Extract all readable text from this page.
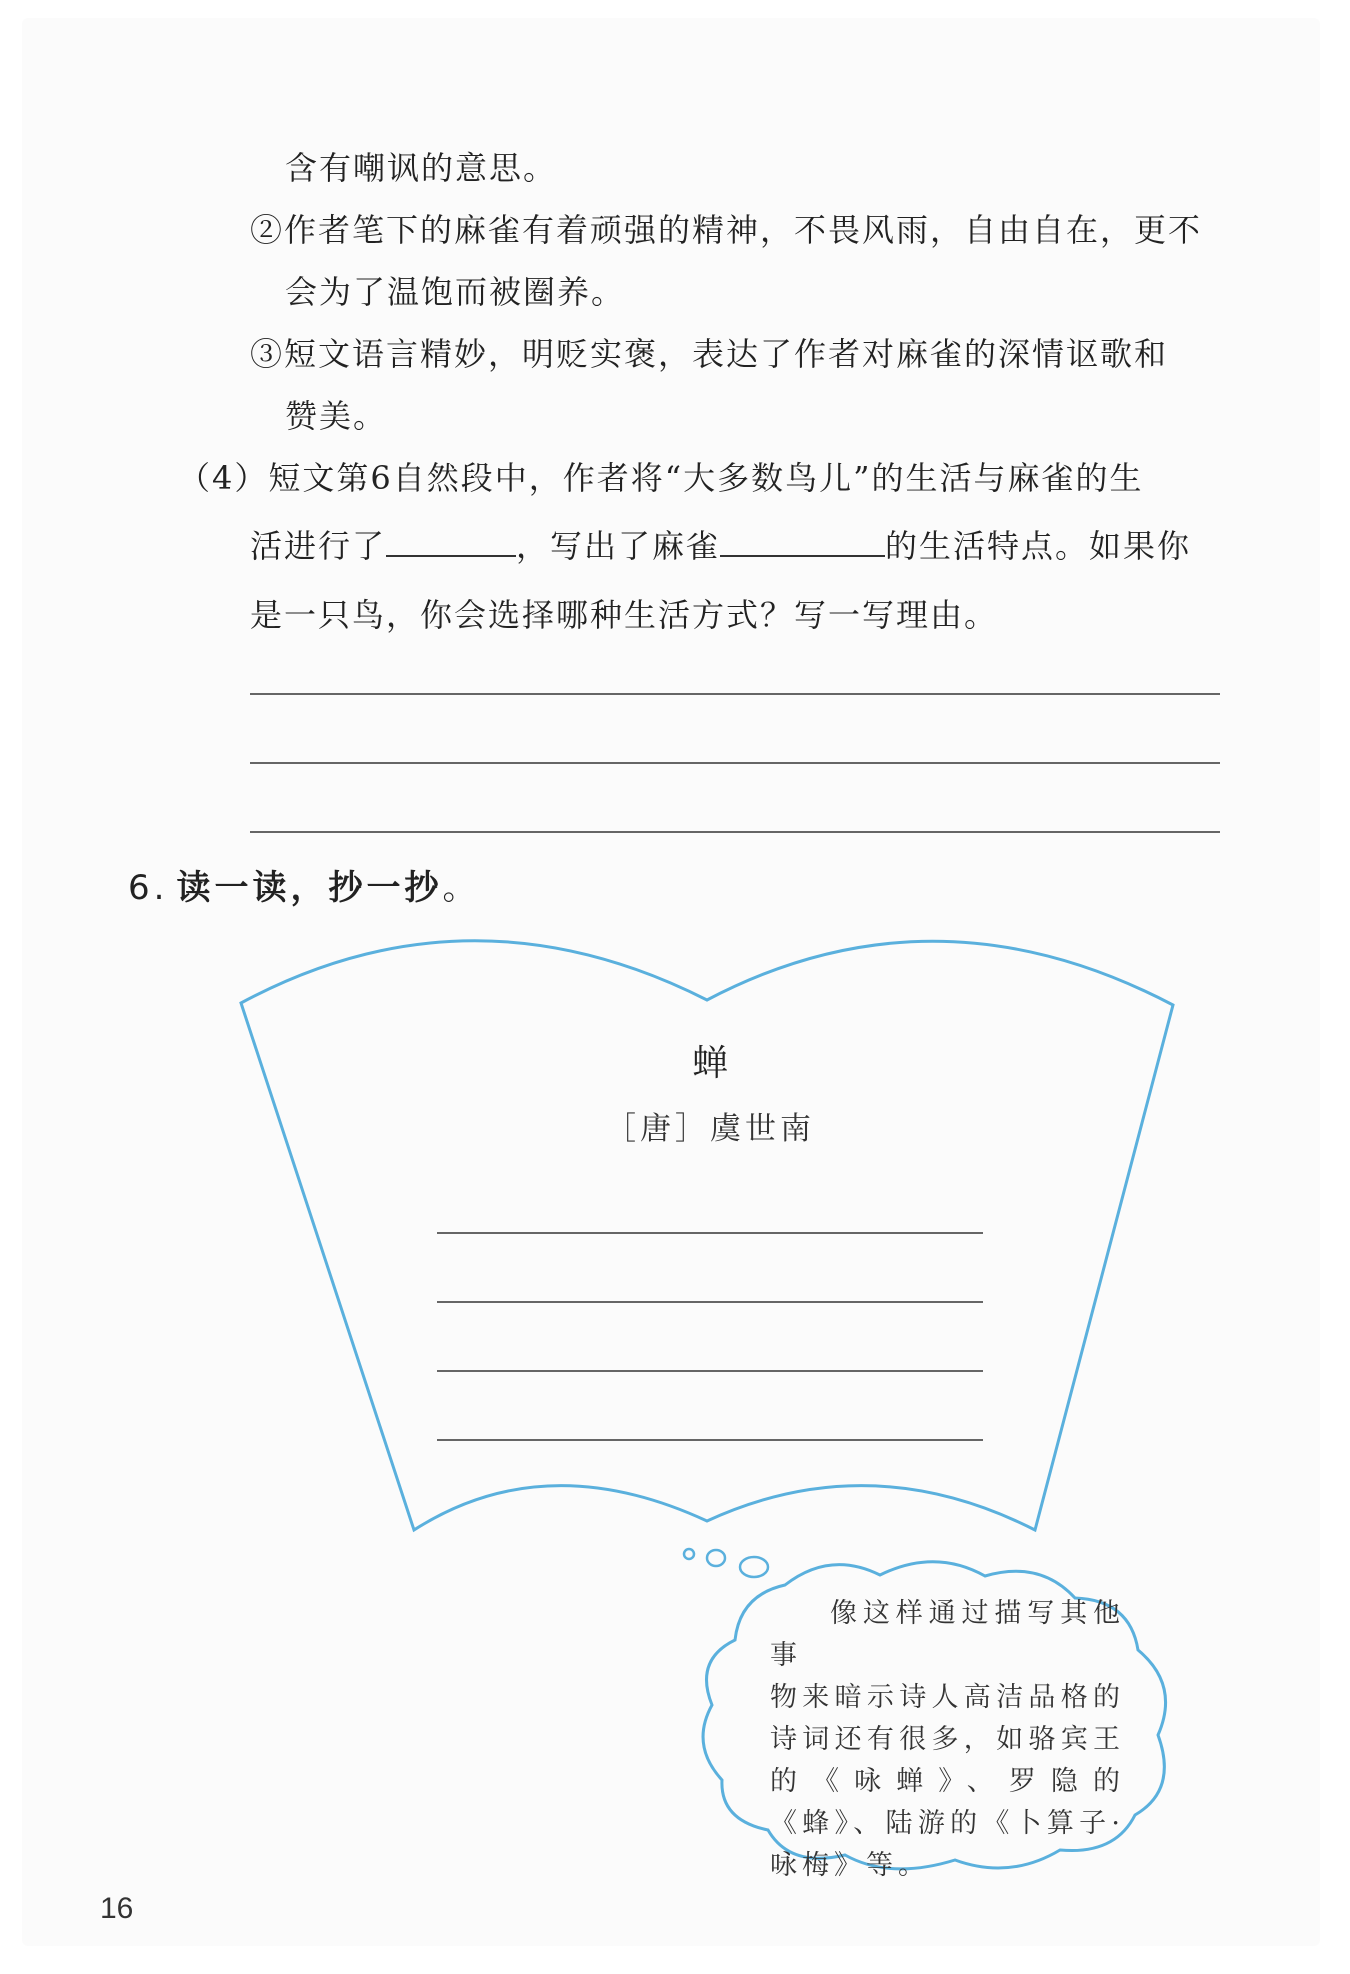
含有嘲讽的意思。
②作者笔下的麻雀有着顽强的精神，不畏风雨，自由自在，更不
会为了温饱而被圈养。
③短文语言精妙，明贬实褒，表达了作者对麻雀的深情讴歌和
赞美。
（4）短文第6自然段中，作者将“大多数鸟儿”的生活与麻雀的生
活进行了	，写出了麻雀	的生活特点。如果你
是一只鸟，你会选择哪种生活方式？写一写理由。
6. 读一读，抄一抄。
蝉
［唐］虞世南
像这样通过描写其他事
物来暗示诗人高洁品格的诗词还有很多，如骆宾王的《咏蝉》、罗隐的《蜂》、陆游的《卜算子·咏梅》等。
16
